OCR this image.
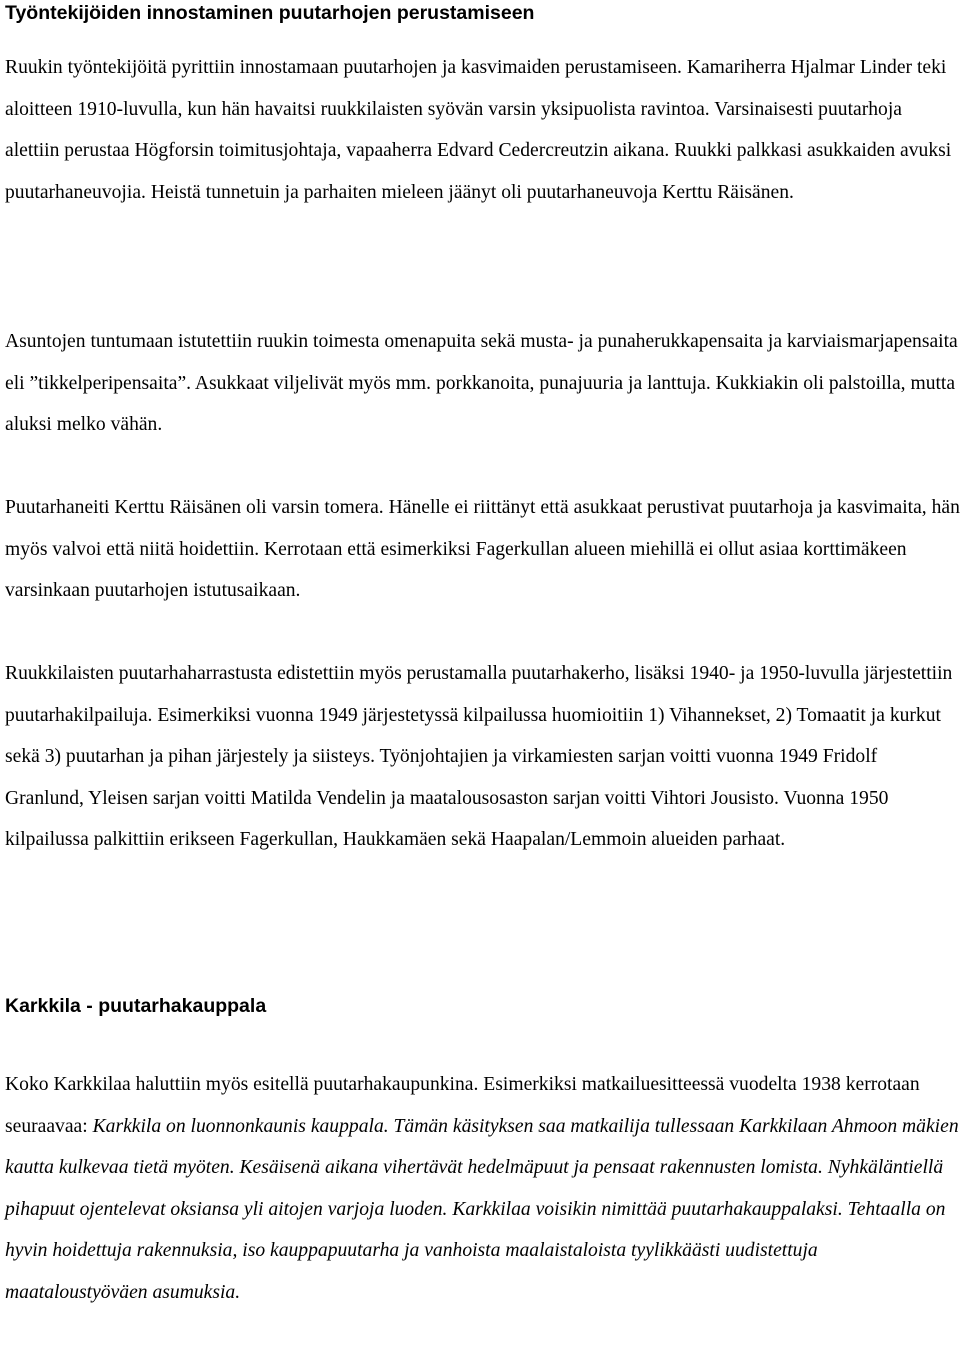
Työntekijöiden innostaminen puutarhojen perustamiseen

Ruukin työntekijöitä pyrittiin innostamaan puutarhojen ja kasvimaiden perustamiseen. Kamariherra Hjalmar Linder teki aloitteen 1910-luvulla, kun hän havaitsi ruukkilaisten syövän varsin yksipuolista ravintoa. Varsinaisesti puutarhoja alettiin perustaa Högforsin toimitusjohtaja, vapaaherra Edvard Cedercreutzin aikana. Ruukki palkkasi asukkaiden avuksi puutarhaneuvojia. Heistä tunnetuin ja parhaiten mieleen jäänyt oli puutarhaneuvoja Kerttu Räisänen.

Asuntojen tuntumaan istutettiin ruukin toimesta omenapuita sekä musta- ja punaherukkapensaita ja karviaismarjapensaita eli ”tikkelperipensaita”. Asukkaat viljelivät myös mm. porkkanoita, punajuuria ja lanttuja. Kukkiakin oli palstoilla, mutta aluksi melko vähän.

Puutarhaneiti Kerttu Räisänen oli varsin tomera. Hänelle ei riittänyt että asukkaat perustivat puutarhoja ja kasvimaita, hän myös valvoi että niitä hoidettiin. Kerrotaan että esimerkiksi Fagerkullan alueen miehillä ei ollut asiaa korttimäkeen varsinkaan puutarhojen istutusaikaan.

Ruukkilaisten puutarhaharrastusta edistettiin myös perustamalla puutarhakerho, lisäksi 1940- ja 1950-luvulla järjestettiin puutarhakilpailuja. Esimerkiksi vuonna 1949 järjestetyssä kilpailussa huomioitiin 1) Vihannekset, 2) Tomaatit ja kurkut sekä 3) puutarhan ja pihan järjestely ja siisteys. Työnjohtajien ja virkamiesten sarjan voitti vuonna 1949 Fridolf Granlund, Yleisen sarjan voitti Matilda Vendelin ja maatalousosaston sarjan voitti Vihtori Jousisto. Vuonna 1950 kilpailussa palkittiin erikseen Fagerkullan, Haukkamäen sekä Haapalan/Lemmoin alueiden parhaat.

Karkkila - puutarhakauppala

Koko Karkkilaa haluttiin myös esitellä puutarhakaupunkina. Esimerkiksi matkailuesitteessä vuodelta 1938 kerrotaan seuraavaa: Karkkila on luonnonkaunis kauppala. Tämän käsityksen saa matkailija tullessaan Karkkilaan Ahmoon mäkien kautta kulkevaa tietä myöten. Kesäisenä aikana vihertävät hedelmäpuut ja pensaat rakennusten lomista. Nyhkäläntiellä pihapuut ojentelevat oksiansa yli aitojen varjoja luoden. Karkkilaa voisikin nimittää puutarhakauppalaksi. Tehtaalla on hyvin hoidettuja rakennuksia, iso kauppapuutarha ja vanhoista maalaistaloista tyylikkäästi uudistettuja maataloustyöväen asumuksia.
